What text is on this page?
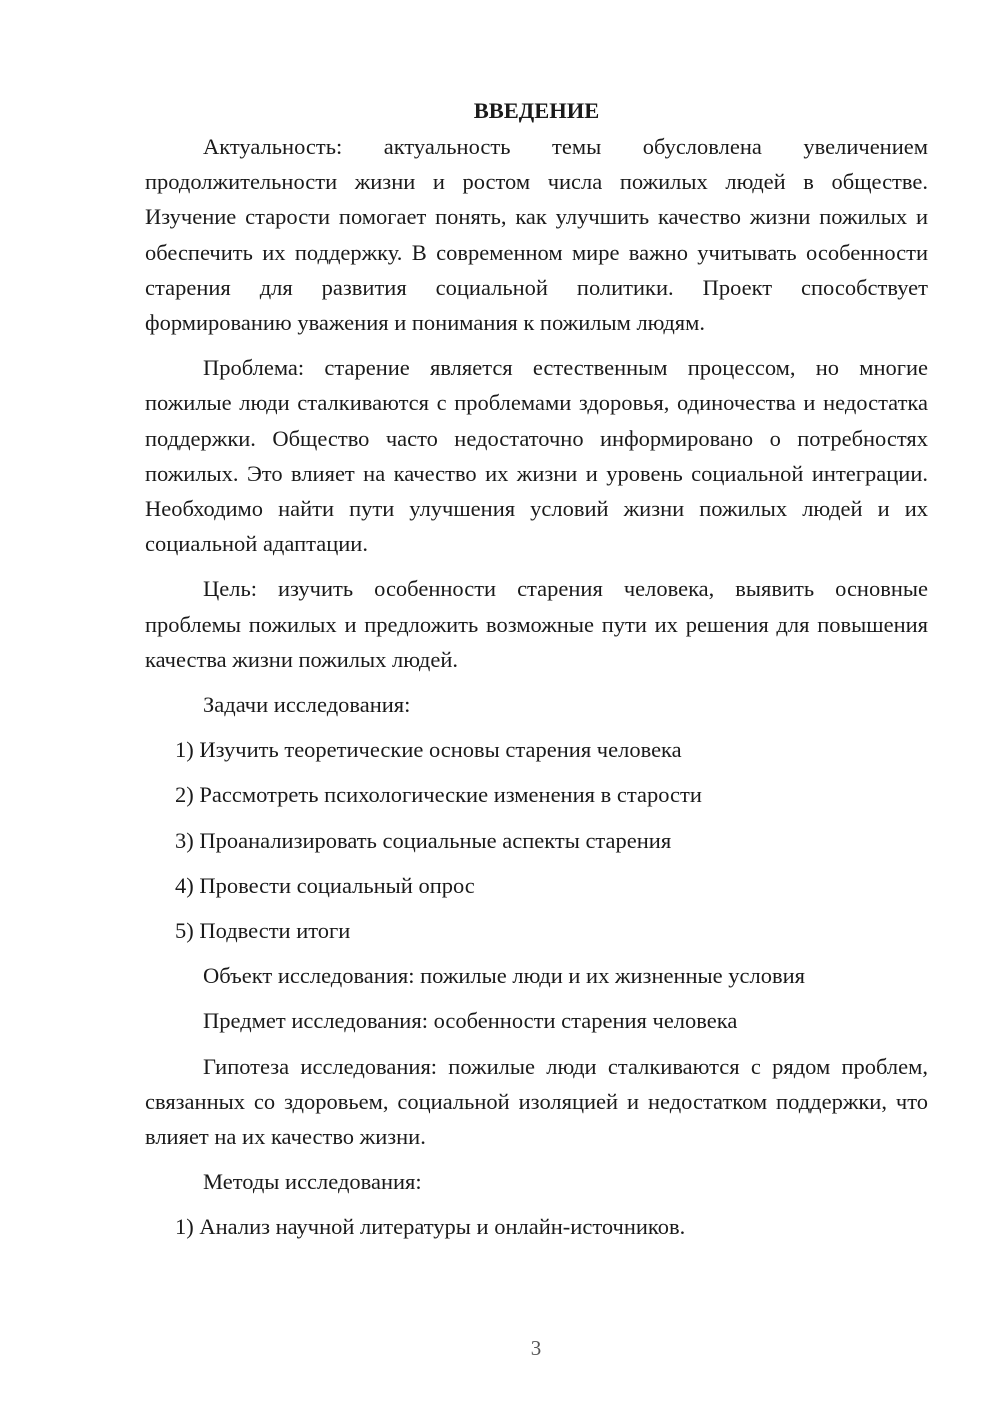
ВВЕДЕНИЕ

Актуальность: актуальность темы обусловлена увеличением продолжительности жизни и ростом числа пожилых людей в обществе. Изучение старости помогает понять, как улучшить качество жизни пожилых и обеспечить их поддержку. В современном мире важно учитывать особенности старения для развития социальной политики. Проект способствует формированию уважения и понимания к пожилым людям.

Проблема: старение является естественным процессом, но многие пожилые люди сталкиваются с проблемами здоровья, одиночества и недостатка поддержки. Общество часто недостаточно информировано о потребностях пожилых. Это влияет на качество их жизни и уровень социальной интеграции. Необходимо найти пути улучшения условий жизни пожилых людей и их социальной адаптации.

Цель: изучить особенности старения человека, выявить основные проблемы пожилых и предложить возможные пути их решения для повышения качества жизни пожилых людей.

Задачи исследования:

1) Изучить теоретические основы старения человека

2) Рассмотреть психологические изменения в старости

3) Проанализировать социальные аспекты старения

4) Провести социальный опрос

5) Подвести итоги

Объект исследования: пожилые люди и их жизненные условия

Предмет исследования: особенности старения человека

Гипотеза исследования: пожилые люди сталкиваются с рядом проблем, связанных со здоровьем, социальной изоляцией и недостатком поддержки, что влияет на их качество жизни.

Методы исследования:

1) Анализ научной литературы и онлайн-источников.

3
